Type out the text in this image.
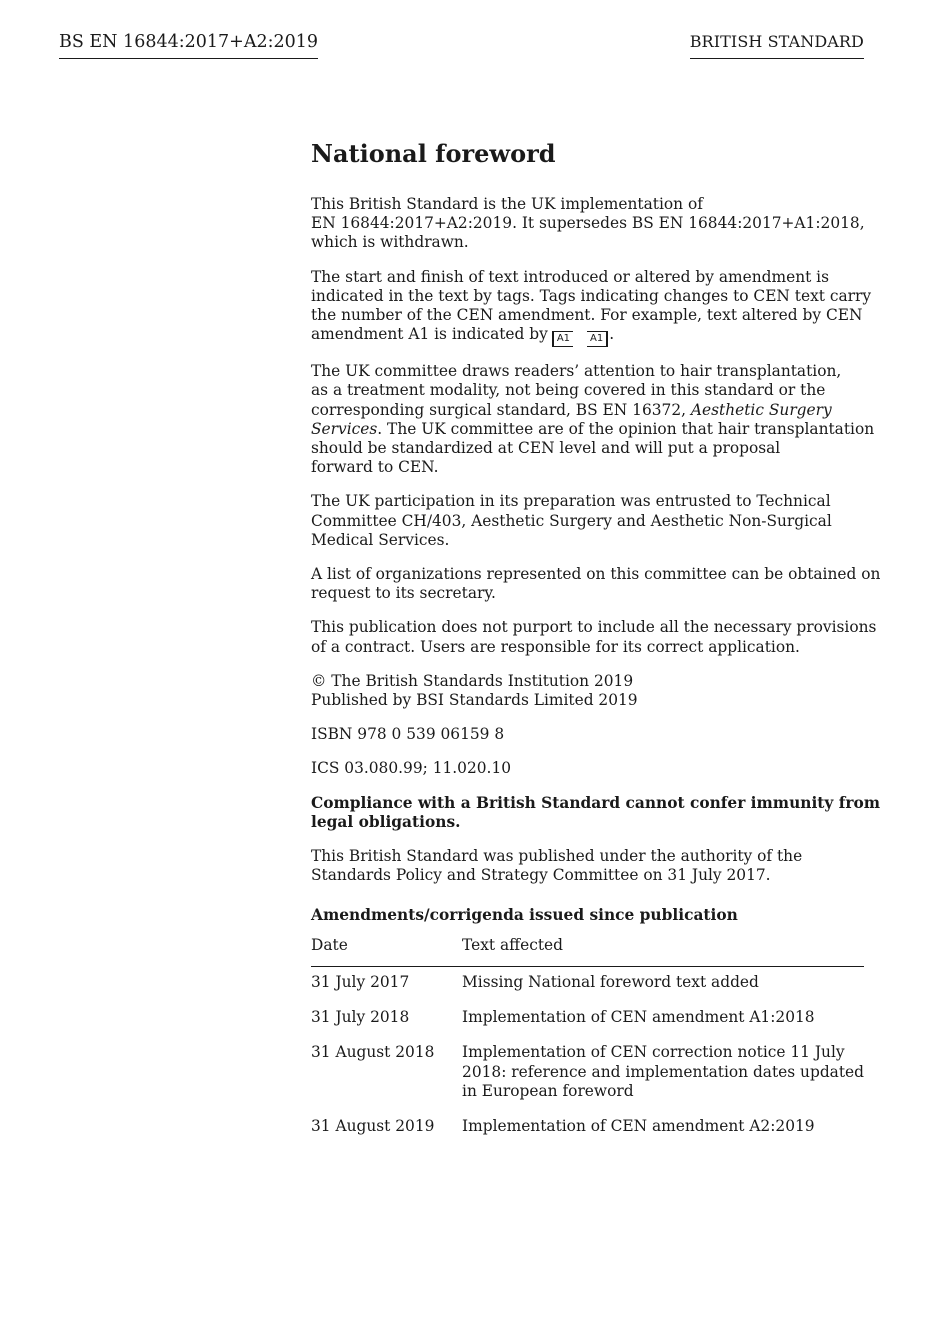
BS EN 16844:2017+A2:2019	BRITISH STANDARD
National foreword

This British Standard is the UK implementation of
EN 16844:2017+A2:2019. It supersedes BS EN 16844:2017+A1:2018,
which is withdrawn.

The start and finish of text introduced or altered by amendment is
indicated in the text by tags. Tags indicating changes to CEN text carry
the number of the CEN amendment. For example, text altered by CEN
amendment A1 is indicated by A1 A1 .

The UK committee draws readers’ attention to hair transplantation,
as a treatment modality, not being covered in this standard or the
corresponding surgical standard, BS EN 16372, Aesthetic Surgery
Services. The UK committee are of the opinion that hair transplantation
should be standardized at CEN level and will put a proposal
forward to CEN.

The UK participation in its preparation was entrusted to Technical
Committee CH/403, Aesthetic Surgery and Aesthetic Non-Surgical
Medical Services.

A list of organizations represented on this committee can be obtained on
request to its secretary.

This publication does not purport to include all the necessary provisions
of a contract. Users are responsible for its correct application.

© The British Standards Institution 2019
Published by BSI Standards Limited 2019

ISBN 978 0 539 06159 8

ICS 03.080.99; 11.020.10

Compliance with a British Standard cannot confer immunity from
legal obligations.

This British Standard was published under the authority of the
Standards Policy and Strategy Committee on 31 July 2017.

Amendments/corrigenda issued since publication
Date	Text affected
31 July 2017	Missing National foreword text added
31 July 2018	Implementation of CEN amendment A1:2018
31 August 2018	Implementation of CEN correction notice 11 July
2018: reference and implementation dates updated
in European foreword
31 August 2019	Implementation of CEN amendment A2:2019
